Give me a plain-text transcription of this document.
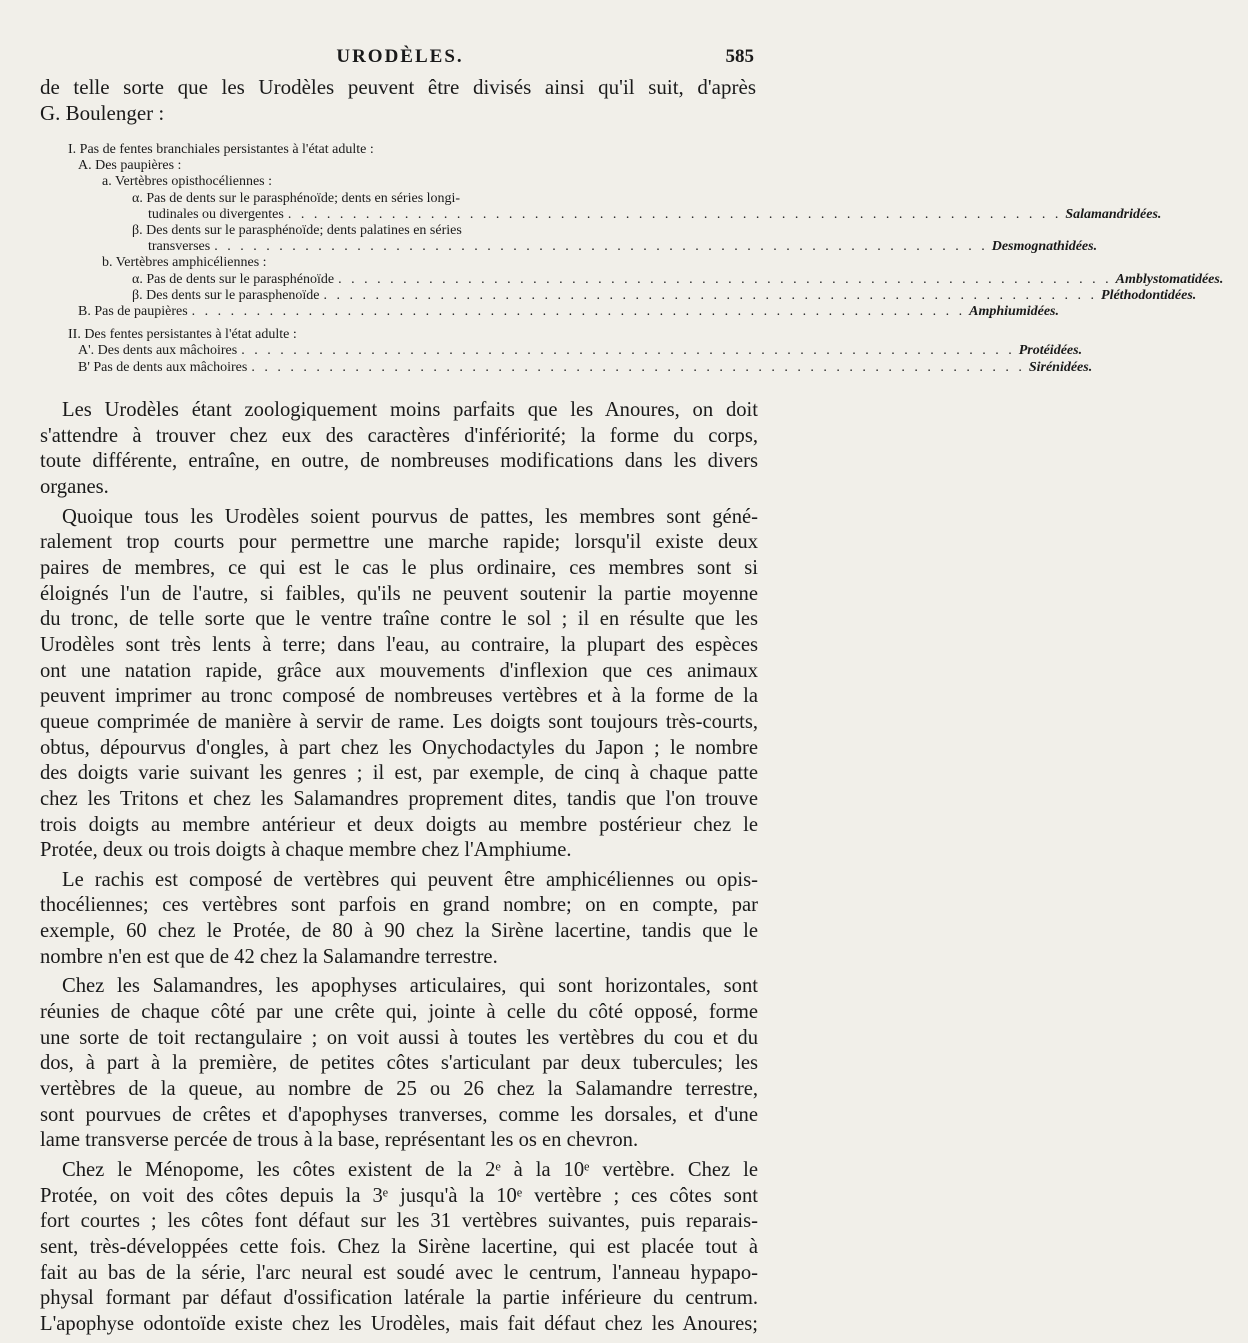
URODÈLES.	585
de telle sorte que les Urodèles peuvent être divisés ainsi qu'il suit, d'après
G. Boulenger :
I. Pas de fentes branchiales persistantes à l'état adulte :
A. Des paupières :
a. Vertèbres opisthocéliennes :
α. Pas de dents sur le parasphénoïde; dents en séries longi-
tudinales ou divergentes . . . . . . . . . . . . . . . . . . . . . . . . . . . . . . . . . . . . . . . . . . . . . . . . . . . . . . . . . . . . Salamandridées.
β. Des dents sur le parasphénoïde; dents palatines en séries
transverses . . . . . . . . . . . . . . . . . . . . . . . . . . . . . . . . . . . . . . . . . . . . . . . . . . . . . . . . . . . . Desmognathidées.
b. Vertèbres amphicéliennes :
α. Pas de dents sur le parasphénoïde . . . . . . . . . . . . . . . . . . . . . . . . . . . . . . . . . . . . . . . . . . . . . . . . . . . . . . . . . . . . Amblystomatidées.
β. Des dents sur le parasphenoïde . . . . . . . . . . . . . . . . . . . . . . . . . . . . . . . . . . . . . . . . . . . . . . . . . . . . . . . . . . . . Pléthodontidées.
B. Pas de paupières . . . . . . . . . . . . . . . . . . . . . . . . . . . . . . . . . . . . . . . . . . . . . . . . . . . . . . . . . . . . Amphiumidées.
II. Des fentes persistantes à l'état adulte :
A'. Des dents aux mâchoires . . . . . . . . . . . . . . . . . . . . . . . . . . . . . . . . . . . . . . . . . . . . . . . . . . . . . . . . . . . . Protéidées.
B' Pas de dents aux mâchoires . . . . . . . . . . . . . . . . . . . . . . . . . . . . . . . . . . . . . . . . . . . . . . . . . . . . . . . . . . . . Sirénidées.

Les Urodèles étant zoologiquement moins parfaits que les Anoures, on doit
s'attendre à trouver chez eux des caractères d'infériorité; la forme du corps,
toute différente, entraîne, en outre, de nombreuses modifications dans les divers
organes.

Quoique tous les Urodèles soient pourvus de pattes, les membres sont géné-
ralement trop courts pour permettre une marche rapide; lorsqu'il existe deux
paires de membres, ce qui est le cas le plus ordinaire, ces membres sont si
éloignés l'un de l'autre, si faibles, qu'ils ne peuvent soutenir la partie moyenne
du tronc, de telle sorte que le ventre traîne contre le sol ; il en résulte que les
Urodèles sont très lents à terre; dans l'eau, au contraire, la plupart des espèces
ont une natation rapide, grâce aux mouvements d'inflexion que ces animaux
peuvent imprimer au tronc composé de nombreuses vertèbres et à la forme de la
queue comprimée de manière à servir de rame. Les doigts sont toujours très-courts,
obtus, dépourvus d'ongles, à part chez les Onychodactyles du Japon ; le nombre
des doigts varie suivant les genres ; il est, par exemple, de cinq à chaque patte
chez les Tritons et chez les Salamandres proprement dites, tandis que l'on trouve
trois doigts au membre antérieur et deux doigts au membre postérieur chez le
Protée, deux ou trois doigts à chaque membre chez l'Amphiume.

Le rachis est composé de vertèbres qui peuvent être amphicéliennes ou opis-
thocéliennes; ces vertèbres sont parfois en grand nombre; on en compte, par
exemple, 60 chez le Protée, de 80 à 90 chez la Sirène lacertine, tandis que le
nombre n'en est que de 42 chez la Salamandre terrestre.

Chez les Salamandres, les apophyses articulaires, qui sont horizontales, sont
réunies de chaque côté par une crête qui, jointe à celle du côté opposé, forme
une sorte de toit rectangulaire ; on voit aussi à toutes les vertèbres du cou et du
dos, à part à la première, de petites côtes s'articulant par deux tubercules; les
vertèbres de la queue, au nombre de 25 ou 26 chez la Salamandre terrestre,
sont pourvues de crêtes et d'apophyses tranverses, comme les dorsales, et d'une
lame transverse percée de trous à la base, représentant les os en chevron.

Chez le Ménopome, les côtes existent de la 2ᵉ à la 10ᵉ vertèbre. Chez le
Protée, on voit des côtes depuis la 3ᵉ jusqu'à la 10ᵉ vertèbre ; ces côtes sont
fort courtes ; les côtes font défaut sur les 31 vertèbres suivantes, puis reparais-
sent, très-développées cette fois. Chez la Sirène lacertine, qui est placée tout à
fait au bas de la série, l'arc neural est soudé avec le centrum, l'anneau hypapo-
physal formant par défaut d'ossification latérale la partie inférieure du centrum.
L'apophyse odontoïde existe chez les Urodèles, mais fait défaut chez les Anoures;
